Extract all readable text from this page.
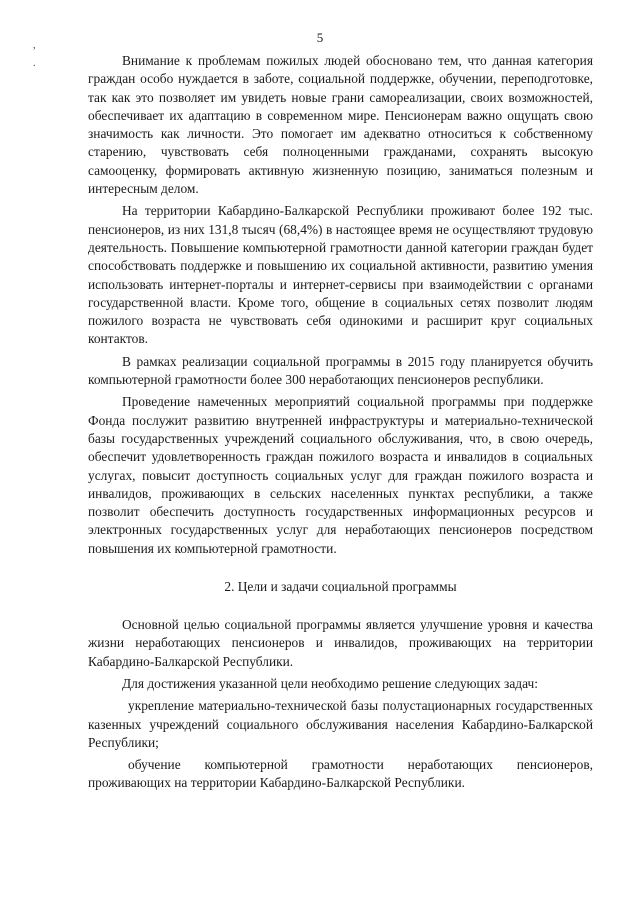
5
,
.	Внимание к проблемам пожилых людей обосновано тем, что данная категория граждан особо нуждается в заботе, социальной поддержке, обучении, переподготовке, так как это позволяет им увидеть новые грани самореализации, своих возможностей, обеспечивает их адаптацию в современном мире. Пенсионерам важно ощущать свою значимость как личности. Это помогает им адекватно относиться к собственному старению, чувствовать себя полноценными гражданами, сохранять высокую самооценку, формировать активную жизненную позицию, заниматься полезным и интересным делом.

На территории Кабардино-Балкарской Республики проживают более 192 тыс. пенсионеров, из них 131,8 тысяч (68,4%) в настоящее время не осуществляют трудовую деятельность. Повышение компьютерной грамотности данной категории граждан будет способствовать поддержке и повышению их социальной активности, развитию умения использовать интернет-порталы и интернет-сервисы при взаимодействии с органами государственной власти. Кроме того, общение в социальных сетях позволит людям пожилого возраста не чувствовать себя одинокими и расширит круг социальных контактов.

В рамках реализации социальной программы в 2015 году планируется обучить компьютерной грамотности более 300 неработающих пенсионеров республики.

Проведение намеченных мероприятий социальной программы при поддержке Фонда послужит развитию внутренней инфраструктуры и материально-технической базы государственных учреждений социального обслуживания, что, в свою очередь, обеспечит удовлетворенность граждан пожилого возраста и инвалидов в социальных услугах, повысит доступность социальных услуг для граждан пожилого возраста и инвалидов, проживающих в сельских населенных пунктах республики, а также позволит обеспечить доступность государственных информационных ресурсов и электронных государственных услуг для неработающих пенсионеров посредством повышения их компьютерной грамотности.

2. Цели и задачи социальной программы

Основной целью социальной программы является улучшение уровня и качества жизни неработающих пенсионеров и инвалидов, проживающих на территории Кабардино-Балкарской Республики.

Для достижения указанной цели необходимо решение следующих задач:

укрепление материально-технической базы полустационарных государственных казенных учреждений социального обслуживания населения Кабардино-Балкарской Республики;

обучение компьютерной грамотности неработающих пенсионеров, проживающих на территории Кабардино-Балкарской Республики.
